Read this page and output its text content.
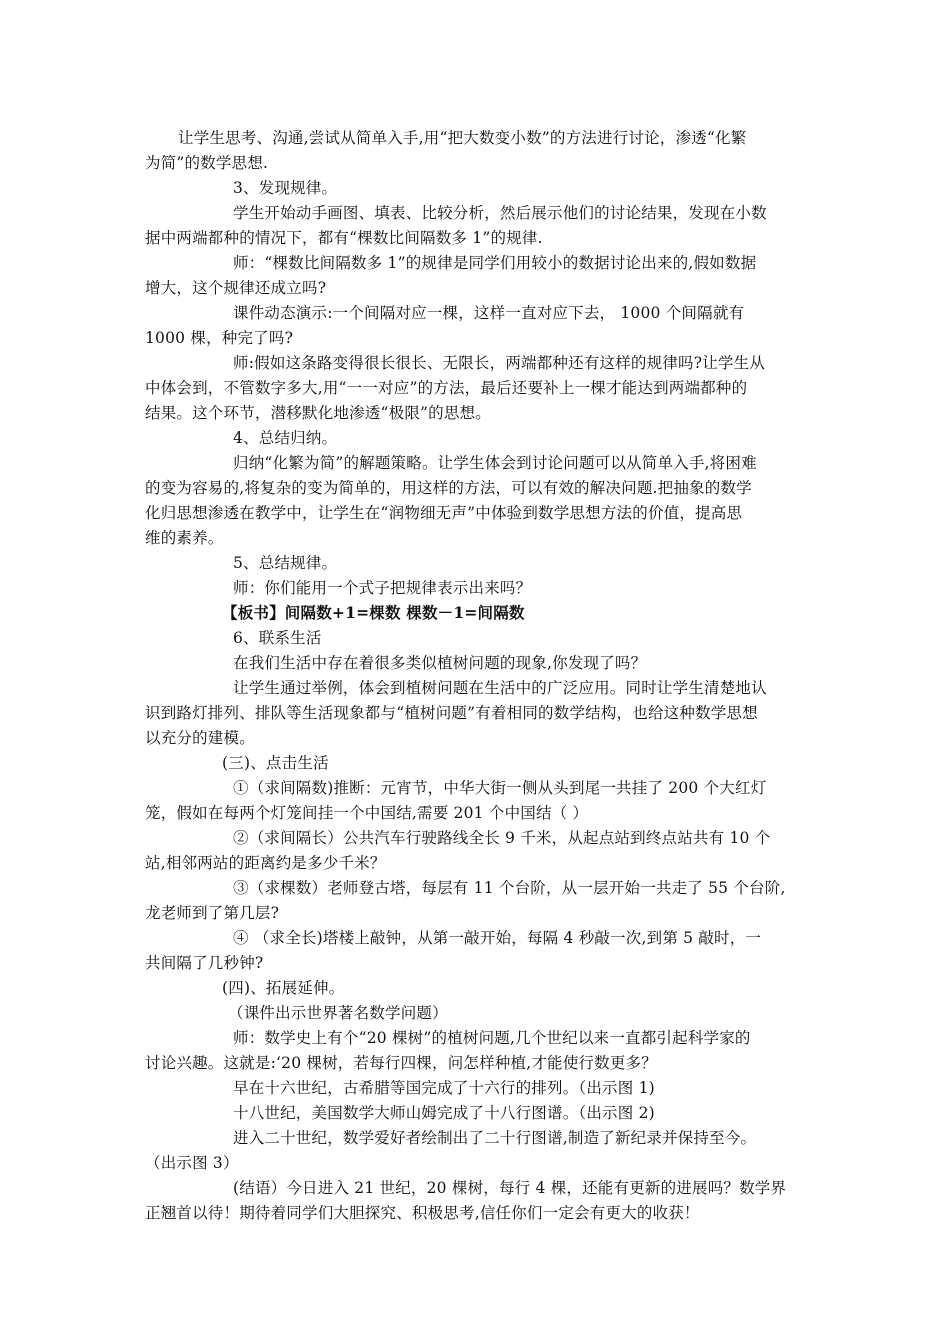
让学生思考、沟通,尝试从简单入手,用“把大数变小数”的方法进行讨论，渗透“化繁
为简”的数学思想.
3、发现规律。
学生开始动手画图、填表、比较分析，然后展示他们的讨论结果，发现在小数
据中两端都种的情况下，都有“棵数比间隔数多 1”的规律.
师：“棵数比间隔数多 1”的规律是同学们用较小的数据讨论出来的,假如数据
增大，这个规律还成立吗?
课件动态演示:一个间隔对应一棵，这样一直对应下去， 1000 个间隔就有
1000 棵，种完了吗?
师:假如这条路变得很长很长、无限长，两端都种还有这样的规律吗?让学生从
中体会到，不管数字多大,用“一一对应”的方法，最后还要补上一棵才能达到两端都种的
结果。这个环节，潜移默化地渗透“极限”的思想。
4、总结归纳。
归纳“化繁为简”的解题策略。让学生体会到讨论问题可以从简单入手,将困难
的变为容易的,将复杂的变为简单的，用这样的方法，可以有效的解决问题.把抽象的数学
化归思想渗透在教学中，让学生在“润物细无声”中体验到数学思想方法的价值，提高思
维的素养。
5、总结规律。
师：你们能用一个式子把规律表示出来吗？
【板书】间隔数+1=棵数 棵数－1=间隔数
6、联系生活
在我们生活中存在着很多类似植树问题的现象,你发现了吗？
让学生通过举例，体会到植树问题在生活中的广泛应用。同时让学生清楚地认
识到路灯排列、排队等生活现象都与“植树问题”有着相同的数学结构，也给这种数学思想
以充分的建模。
(三)、点击生活
①（求间隔数)推断：元宵节，中华大街一侧从头到尾一共挂了 200 个大红灯
笼，假如在每两个灯笼间挂一个中国结,需要 201 个中国结（ ）
②（求间隔长）公共汽车行驶路线全长 9 千米，从起点站到终点站共有 10 个
站,相邻两站的距离约是多少千米？
③（求棵数）老师登古塔，每层有 11 个台阶，从一层开始一共走了 55 个台阶,
龙老师到了第几层?
④ （求全长)塔楼上敲钟，从第一敲开始，每隔 4 秒敲一次,到第 5 敲时，一
共间隔了几秒钟?
(四)、拓展延伸。
（课件出示世界著名数学问题）
师：数学史上有个“20 棵树”的植树问题,几个世纪以来一直都引起科学家的
讨论兴趣。这就是:‘20 棵树，若每行四棵，问怎样种植,才能使行数更多？
早在十六世纪，古希腊等国完成了十六行的排列。（出示图 1)
十八世纪，美国数学大师山姆完成了十八行图谱。（出示图 2)
进入二十世纪，数学爱好者绘制出了二十行图谱,制造了新纪录并保持至今。
（出示图 3）
(结语）今日进入 21 世纪，20 棵树，每行 4 棵，还能有更新的进展吗？数学界
正翘首以待！期待着同学们大胆探究、积极思考,信任你们一定会有更大的收获！
